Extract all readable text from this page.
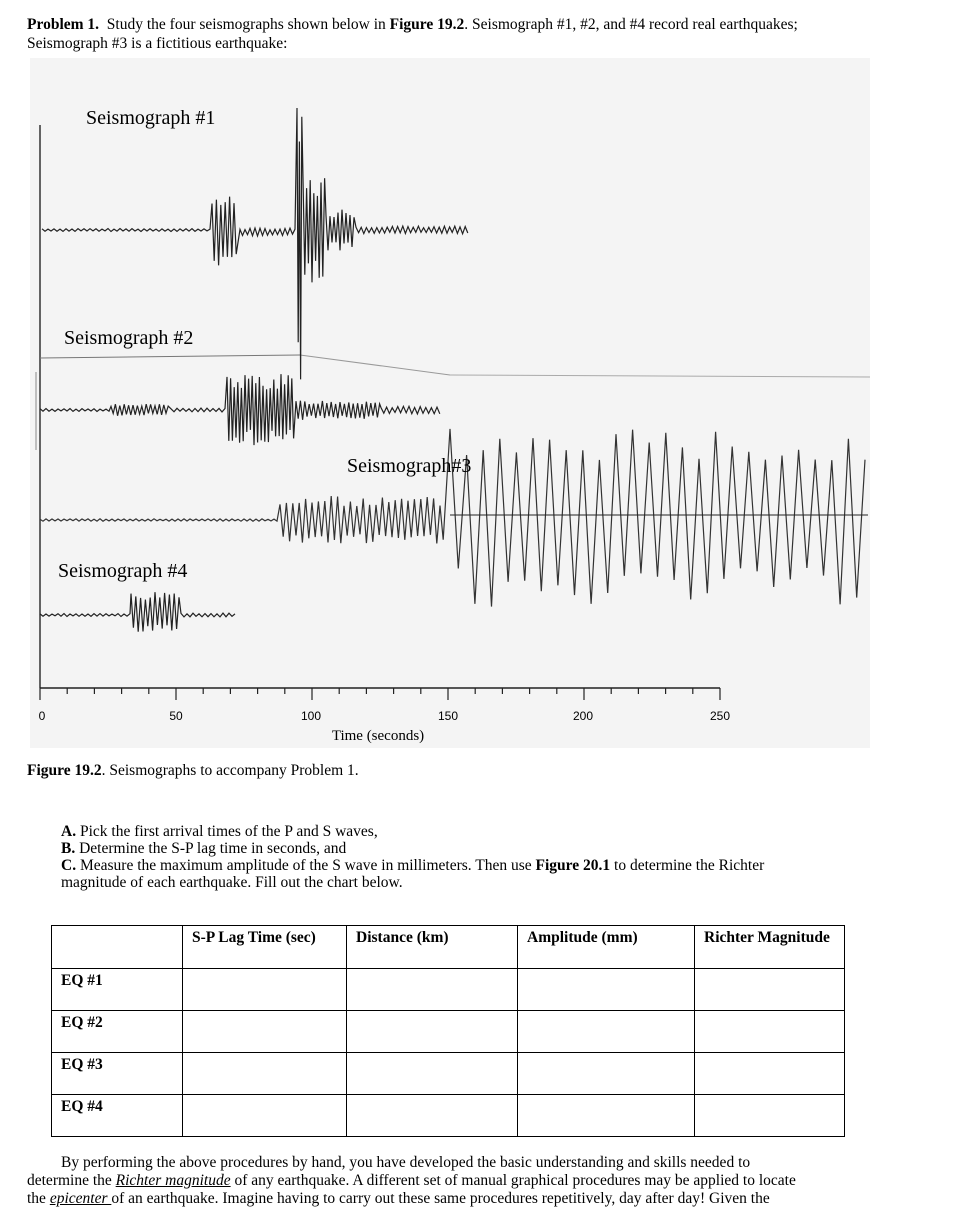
Problem 1. Study the four seismographs shown below in Figure 19.2. Seismograph #1, #2, and #4 record real earthquakes;
Seismograph #3 is a fictitious earthquake:
Seismograph #1
Seismograph #2
Seismograph#3
Seismograph #4
0	50	100	150	200	250
Time (seconds)
Figure 19.2. Seismographs to accompany Problem 1.
A. Pick the first arrival times of the P and S waves,
B. Determine the S-P lag time in seconds, and
C. Measure the maximum amplitude of the S wave in millimeters. Then use Figure 20.1 to determine the Richter
magnitude of each earthquake. Fill out the chart below.
	S-P Lag Time (sec)	Distance (km)	Amplitude (mm)	Richter Magnitude
EQ #1				
EQ #2				
EQ #3				
EQ #4				
By performing the above procedures by hand, you have developed the basic understanding and skills needed to
determine the Richter magnitude of any earthquake. A different set of manual graphical procedures may be applied to locate
the epicenter of an earthquake. Imagine having to carry out these same procedures repetitively, day after day! Given the
